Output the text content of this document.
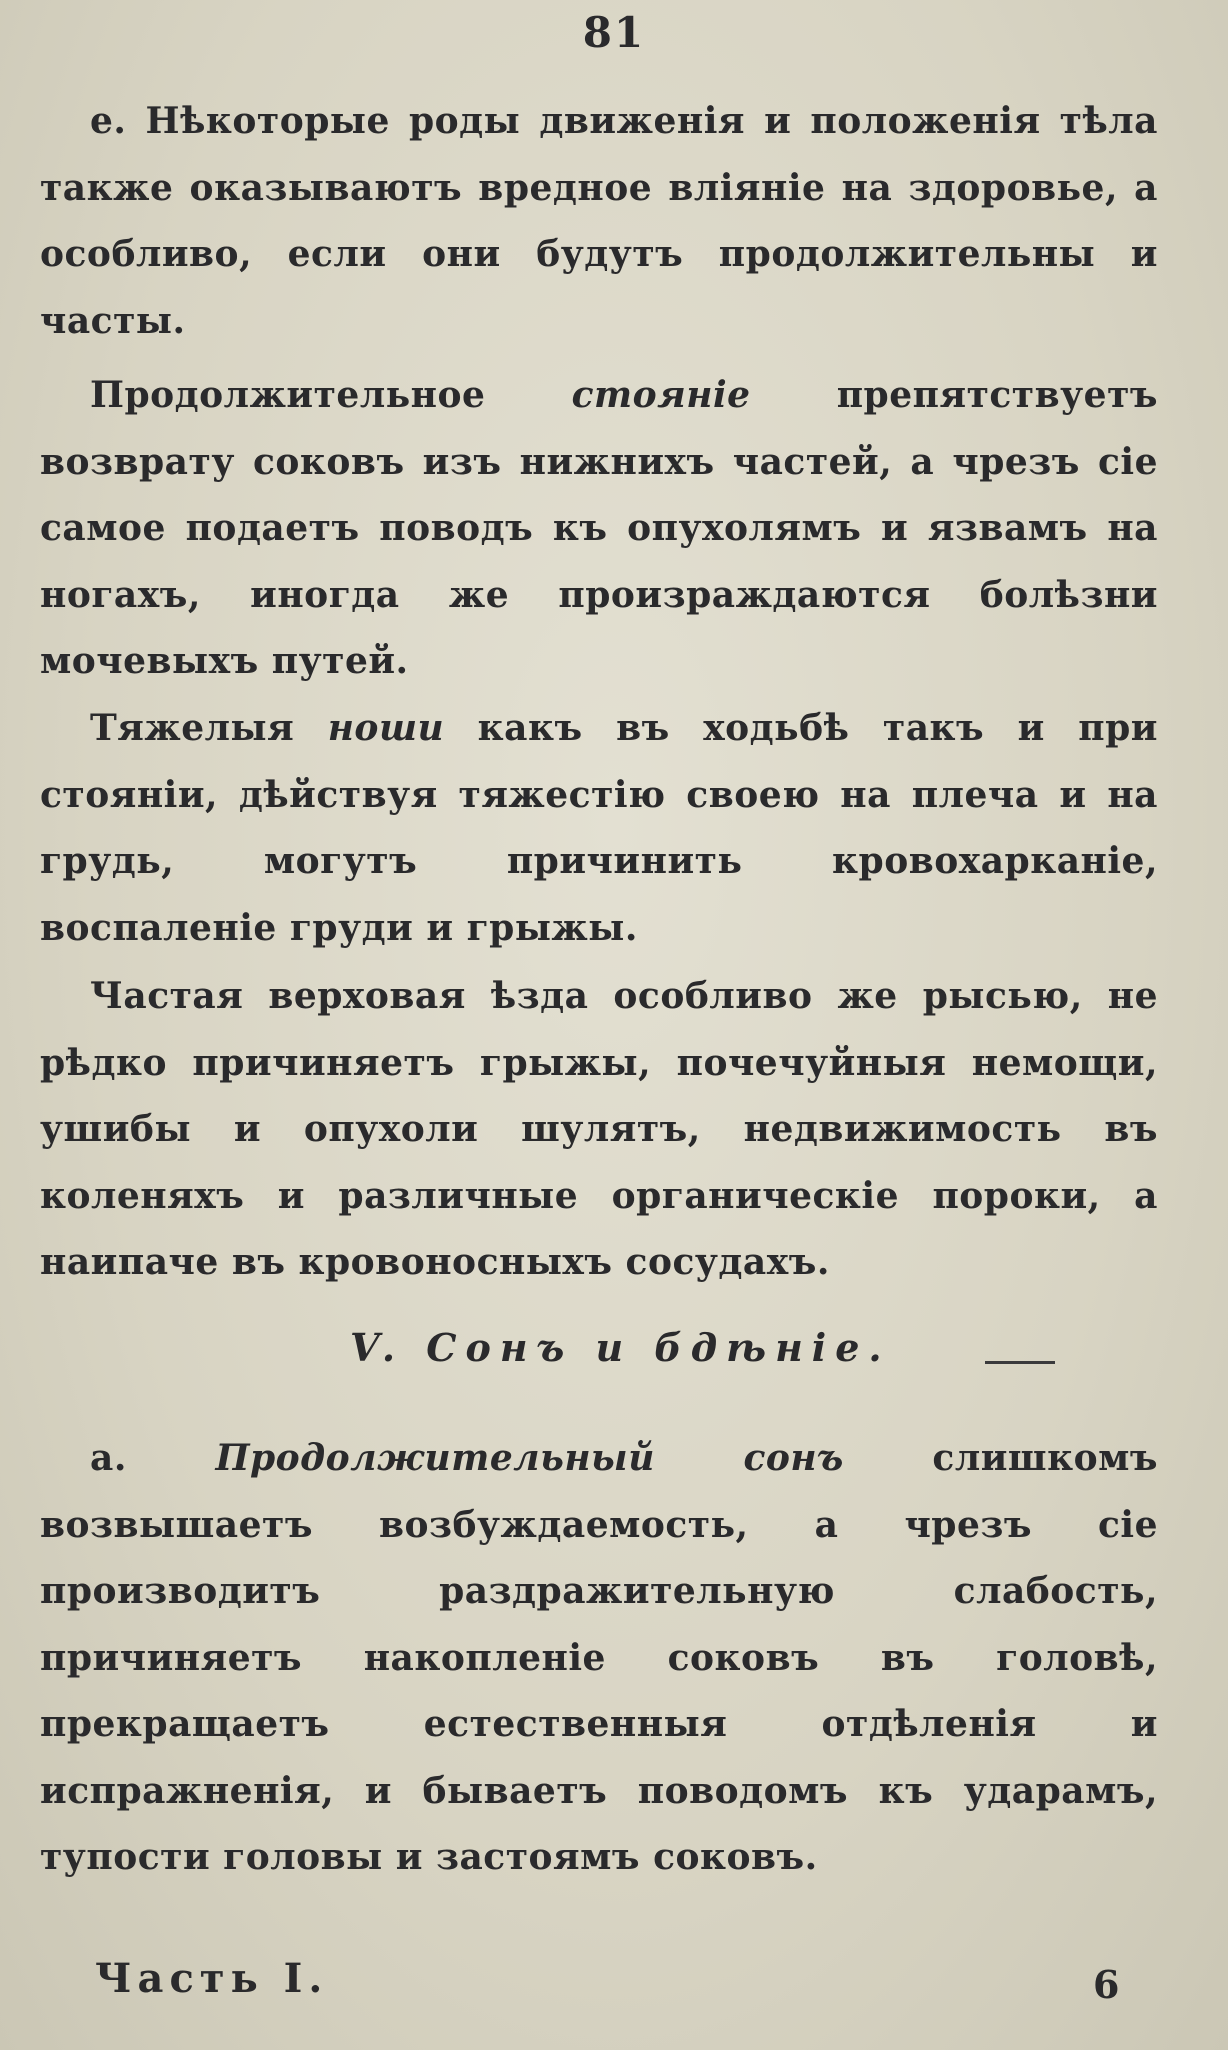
81

е. Нѣкоторые роды движенія и положенія тѣла также оказываютъ вредное вліяніе на здоровье, а особливо, если они будутъ продолжительны и часты.

Продолжительное стояніе препятствуетъ возврату соковъ изъ нижнихъ частей, а чрезъ сіе самое подаетъ поводъ къ опухолямъ и язвамъ на ногахъ, иногда же произраждаются болѣзни мочевыхъ путей.

Тяжелыя ноши какъ въ ходьбѣ такъ и при стояніи, дѣйствуя тяжестію своею на плеча и на грудь, могутъ причинить кровохарканіе, воспаленіе груди и грыжы.

Частая верховая ѣзда особливо же рысью, не рѣдко причиняетъ грыжы, почечуйныя немощи, ушибы и опухоли шулятъ, недвижимость въ коленяхъ и различные органическіе пороки, а наипаче въ кровоносныхъ сосудахъ.

V. Сонъ и бдѣніе.

а. Продолжительный сонъ слишкомъ возвышаетъ возбуждаемость, а чрезъ сіе производитъ раздражительную слабость, причиняетъ накопленіе соковъ въ головѣ, прекращаетъ естественныя отдѣленія и испражненія, и бываетъ поводомъ къ ударамъ, тупости головы и застоямъ соковъ.

Часть I.	6
